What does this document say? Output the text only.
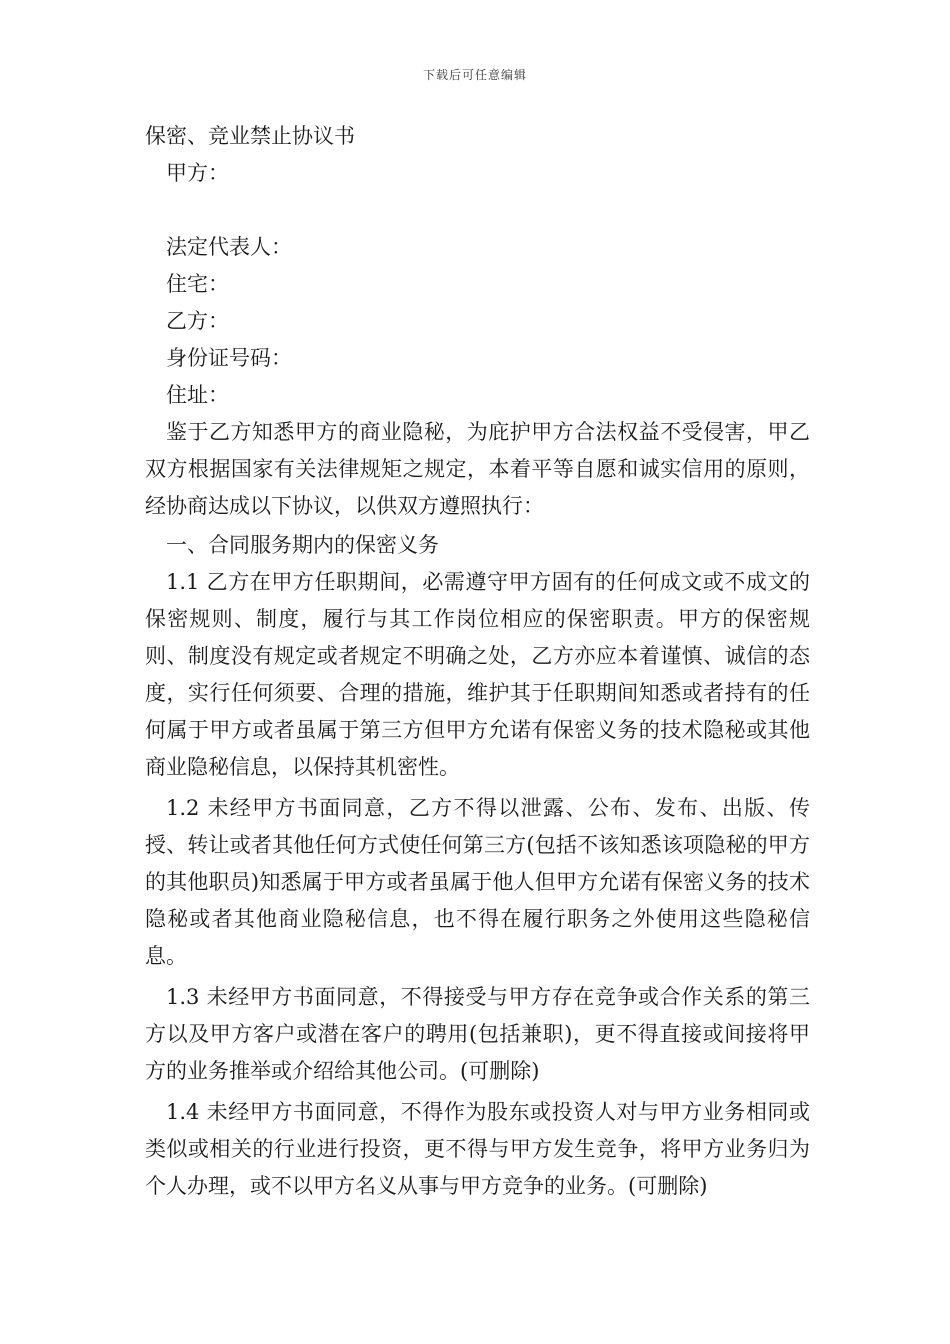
下载后可任意编辑
保密、竞业禁止协议书
甲方：
法定代表人：
住宅：
乙方：
身份证号码：
住址：
鉴于乙方知悉甲方的商业隐秘，为庇护甲方合法权益不受侵害，甲乙双方根据国家有关法律规矩之规定，本着平等自愿和诚实信用的原则，经协商达成以下协议，以供双方遵照执行：
一、合同服务期内的保密义务
1.1 乙方在甲方任职期间，必需遵守甲方固有的任何成文或不成文的保密规则、制度，履行与其工作岗位相应的保密职责。甲方的保密规则、制度没有规定或者规定不明确之处，乙方亦应本着谨慎、诚信的态度，实行任何须要、合理的措施，维护其于任职期间知悉或者持有的任何属于甲方或者虽属于第三方但甲方允诺有保密义务的技术隐秘或其他商业隐秘信息，以保持其机密性。
1.2 未经甲方书面同意，乙方不得以泄露、公布、发布、出版、传授、转让或者其他任何方式使任何第三方(包括不该知悉该项隐秘的甲方的其他职员)知悉属于甲方或者虽属于他人但甲方允诺有保密义务的技术隐秘或者其他商业隐秘信息，也不得在履行职务之外使用这些隐秘信息。
1.3 未经甲方书面同意，不得接受与甲方存在竞争或合作关系的第三方以及甲方客户或潜在客户的聘用(包括兼职)，更不得直接或间接将甲方的业务推举或介绍给其他公司。(可删除)
1.4 未经甲方书面同意，不得作为股东或投资人对与甲方业务相同或类似或相关的行业进行投资，更不得与甲方发生竞争，将甲方业务归为个人办理，或不以甲方名义从事与甲方竞争的业务。(可删除)
